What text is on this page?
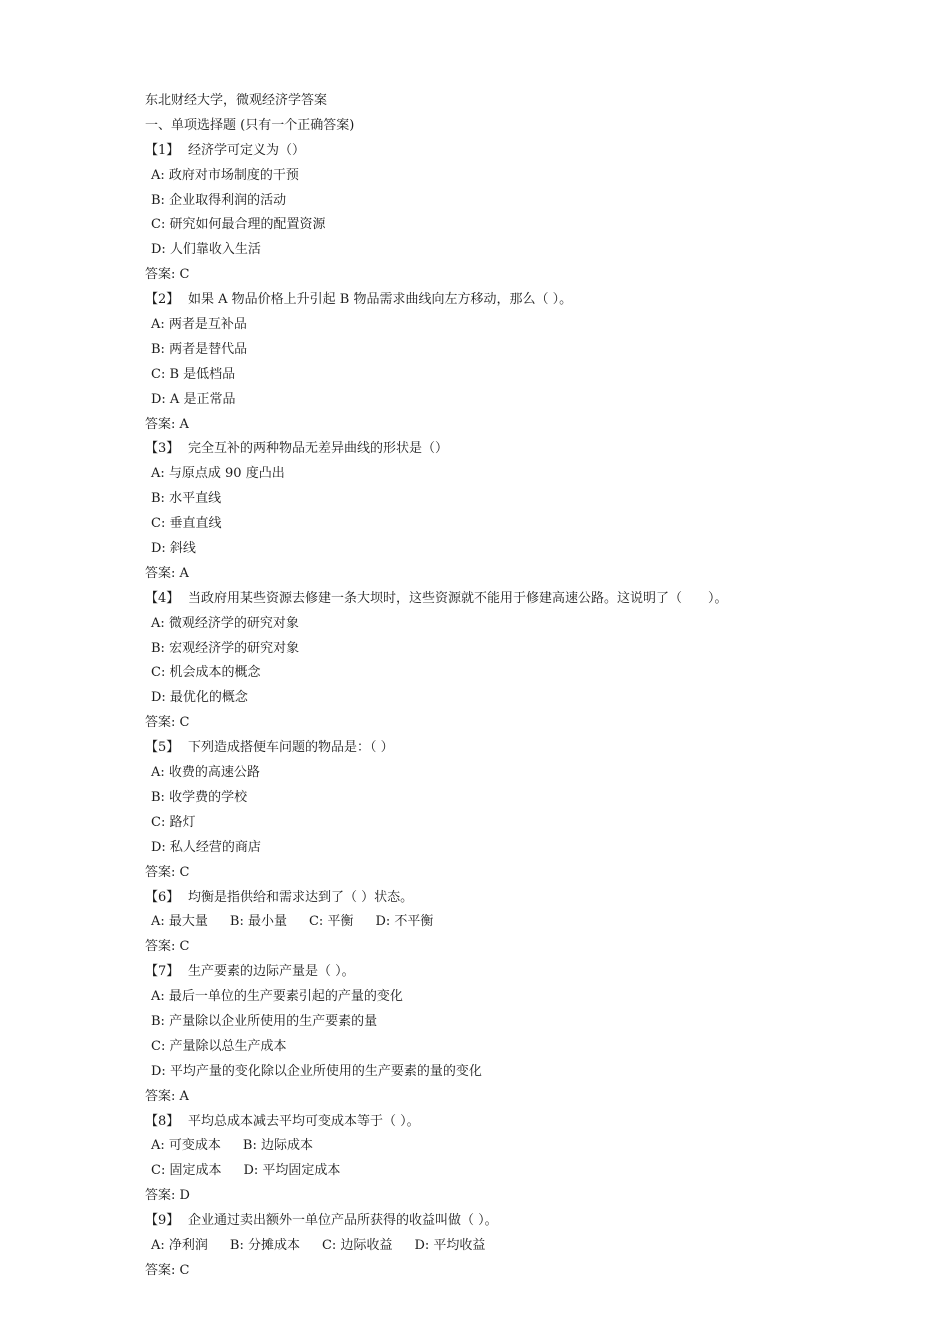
东北财经大学，微观经济学答案
一、单项选择题 (只有一个正确答案)
【1】 经济学可定义为（）
A: 政府对市场制度的干预
B: 企业取得利润的活动
C: 研究如何最合理的配置资源
D: 人们靠收入生活
答案: C
【2】 如果 A 物品价格上升引起 B 物品需求曲线向左方移动，那么（ ）。
A: 两者是互补品
B: 两者是替代品
C: B 是低档品
D: A 是正常品
答案: A
【3】 完全互补的两种物品无差异曲线的形状是（）
A: 与原点成 90 度凸出
B: 水平直线
C: 垂直直线
D: 斜线
答案: A
【4】 当政府用某些资源去修建一条大坝时，这些资源就不能用于修建高速公路。这说明了（　　）。
A: 微观经济学的研究对象
B: 宏观经济学的研究对象
C: 机会成本的概念
D: 最优化的概念
答案: C
【5】 下列造成搭便车问题的物品是：（ ）
A: 收费的高速公路
B: 收学费的学校
C: 路灯
D: 私人经营的商店
答案: C
【6】 均衡是指供给和需求达到了（ ）状态。
A: 最大量 B: 最小量 C: 平衡 D: 不平衡
答案: C
【7】 生产要素的边际产量是（ ）。
A: 最后一单位的生产要素引起的产量的变化
B: 产量除以企业所使用的生产要素的量
C: 产量除以总生产成本
D: 平均产量的变化除以企业所使用的生产要素的量的变化
答案: A
【8】 平均总成本减去平均可变成本等于（ ）。
A: 可变成本 B: 边际成本
C: 固定成本 D: 平均固定成本
答案: D
【9】 企业通过卖出额外一单位产品所获得的收益叫做（ ）。
A: 净利润 B: 分摊成本 C: 边际收益 D: 平均收益
答案: C
